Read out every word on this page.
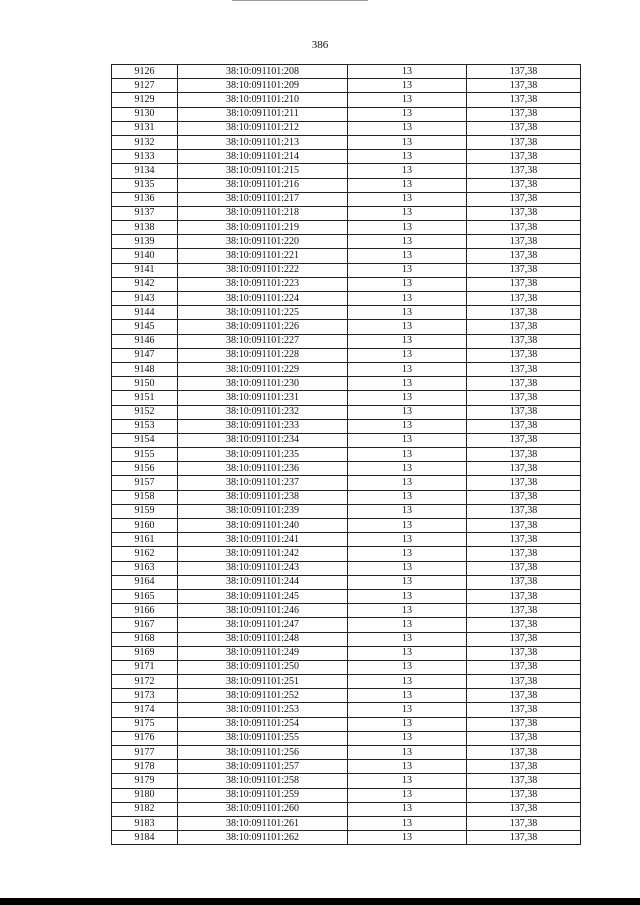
386
9126	38:10:091101:208	13	137,38
9127	38:10:091101:209	13	137,38
9129	38:10:091101:210	13	137,38
9130	38:10:091101:211	13	137,38
9131	38:10:091101:212	13	137,38
9132	38:10:091101:213	13	137,38
9133	38:10:091101:214	13	137,38
9134	38:10:091101:215	13	137,38
9135	38:10:091101:216	13	137,38
9136	38:10:091101:217	13	137,38
9137	38:10:091101:218	13	137,38
9138	38:10:091101:219	13	137,38
9139	38:10:091101:220	13	137,38
9140	38:10:091101:221	13	137,38
9141	38:10:091101:222	13	137,38
9142	38:10:091101:223	13	137,38
9143	38:10:091101:224	13	137,38
9144	38:10:091101:225	13	137,38
9145	38:10:091101:226	13	137,38
9146	38:10:091101:227	13	137,38
9147	38:10:091101:228	13	137,38
9148	38:10:091101:229	13	137,38
9150	38:10:091101:230	13	137,38
9151	38:10:091101:231	13	137,38
9152	38:10:091101:232	13	137,38
9153	38:10:091101:233	13	137,38
9154	38:10:091101:234	13	137,38
9155	38:10:091101:235	13	137,38
9156	38:10:091101:236	13	137,38
9157	38:10:091101:237	13	137,38
9158	38:10:091101:238	13	137,38
9159	38:10:091101:239	13	137,38
9160	38:10:091101:240	13	137,38
9161	38:10:091101:241	13	137,38
9162	38:10:091101:242	13	137,38
9163	38:10:091101:243	13	137,38
9164	38:10:091101:244	13	137,38
9165	38:10:091101:245	13	137,38
9166	38:10:091101:246	13	137,38
9167	38:10:091101:247	13	137,38
9168	38:10:091101:248	13	137,38
9169	38:10:091101:249	13	137,38
9171	38:10:091101:250	13	137,38
9172	38:10:091101:251	13	137,38
9173	38:10:091101:252	13	137,38
9174	38:10:091101:253	13	137,38
9175	38:10:091101:254	13	137,38
9176	38:10:091101:255	13	137,38
9177	38:10:091101:256	13	137,38
9178	38:10:091101:257	13	137,38
9179	38:10:091101:258	13	137,38
9180	38:10:091101:259	13	137,38
9182	38:10:091101:260	13	137,38
9183	38:10:091101:261	13	137,38
9184	38:10:091101:262	13	137,38
